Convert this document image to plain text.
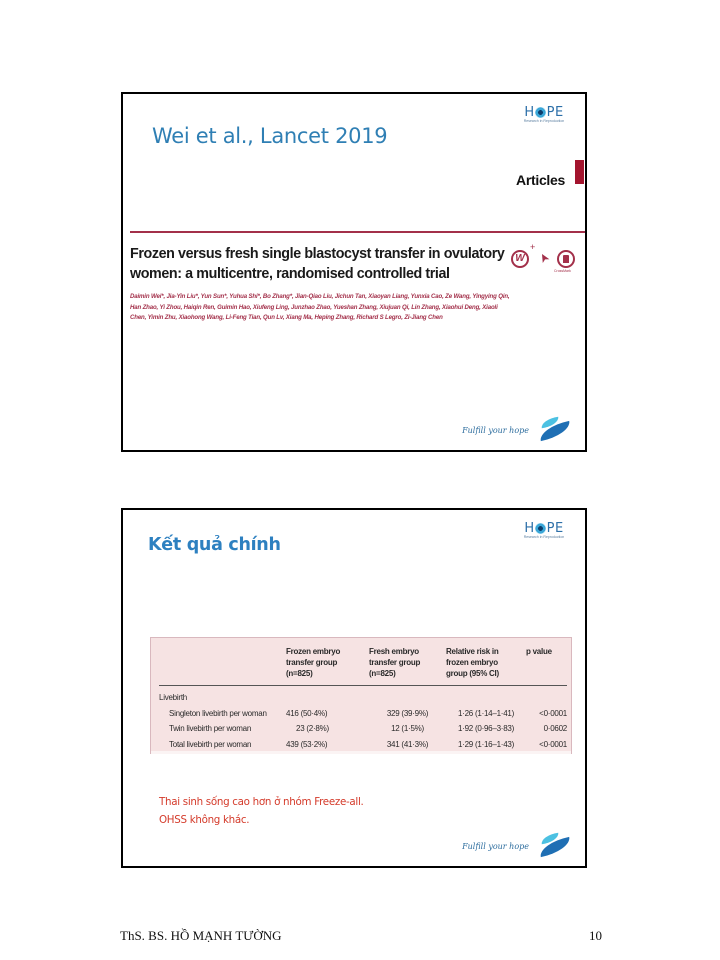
H PE
Research in Reproduction
Wei et al., Lancet 2019
Articles
Frozen versus fresh single blastocyst transfer in ovulatory women: a multicentre, randomised controlled trial
W
+
➤
CrossMark
Daimin Wei*, Jia-Yin Liu*, Yun Sun*, Yuhua Shi*, Bo Zhang*, Jian-Qiao Liu, Jichun Tan, Xiaoyan Liang, Yunxia Cao, Ze Wang, Yingying Qin, Han Zhao, Yi Zhou, Haiqin Ren, Guimin Hao, Xiufeng Ling, Junzhao Zhao, Yueshan Zhang, Xiujuan Qi, Lin Zhang, Xiaohui Deng, Xiaoli Chen, Yimin Zhu, Xiaohong Wang, Li-Feng Tian, Qun Lv, Xiang Ma, Heping Zhang, Richard S Legro, Zi-Jiang Chen
Fulfill your hope
H PE
Research in Reproduction
Kết quả chính
	Frozen embryo transfer group (n=825)	Fresh embryo transfer group (n=825)	Relative risk in frozen embryo group (95% CI)	p value
Livebirth				
Singleton livebirth per woman	416 (50·4%)	329 (39·9%)	1·26 (1·14–1·41)	<0·0001
Twin livebirth per woman	23 (2·8%)	12 (1·5%)	1·92 (0·96–3·83)	0·0602
Total livebirth per woman	439 (53·2%)	341 (41·3%)	1·29 (1·16–1·43)	<0·0001
Thai sinh sống cao hơn ở nhóm Freeze-all.
OHSS không khác.
Fulfill your hope
ThS. BS. HỒ MẠNH TƯỜNG	10
